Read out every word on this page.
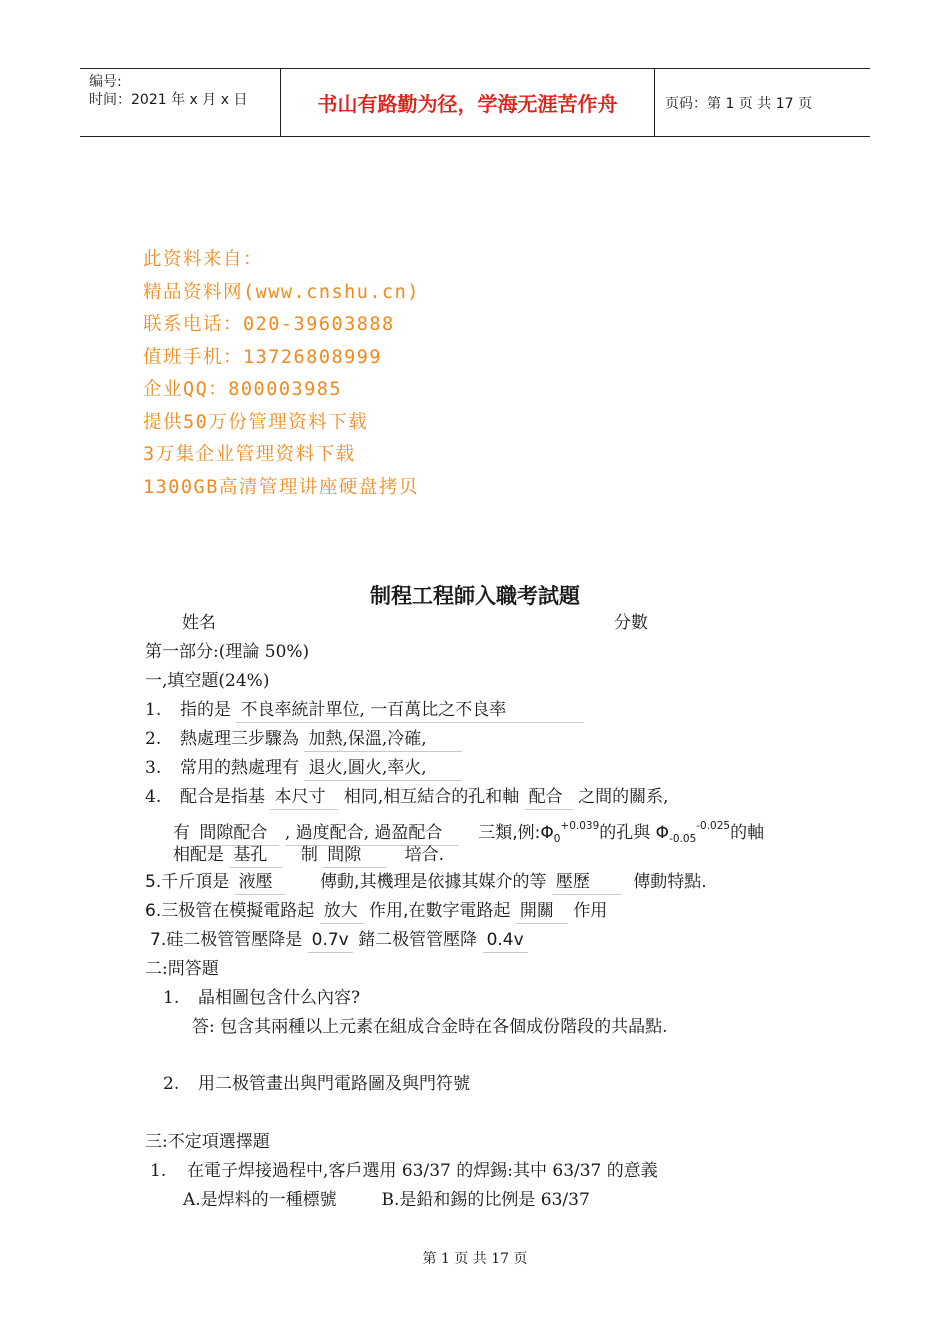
编号:
时间：2021 年 x 月 x 日	书山有路勤为径，学海无涯苦作舟	页码：第 1 页 共 17 页
此资料来自：
精品资料网(www.cnshu.cn)
联系电话：020-39603888
值班手机：13726808999
企业QQ：800003985
提供50万份管理资料下载
3万集企业管理资料下载
1300GB高清管理讲座硬盘拷贝
制程工程師入職考試題
姓名	分數
第一部分:(理論 50%)
一,填空題(24%)
1. 指的是 不良率統計單位, 一百萬比之不良率
2. 熱處理三步驟為 加熱,保溫,冷確,
3. 常用的熱處理有 退火,圓火,率火,
4. 配合是指基 本尺寸 相同,相互結合的孔和軸 配合 之間的關系,
有 間隙配合 , 過度配合, 過盈配合 三類,例$:\Phi_0^{+0.039}$的孔與 $\Phi_{-0.05}^{-0.025}$的軸
相配是 基孔 制 間隙	培合.
5.千斤頂是 液壓	傳動,其機理是依據其媒介的等 壓歷	傳動特點.
6.三极管在模擬電路起 放大 作用,在數字電路起 開關 作用
7.硅二极管管壓降是 0.7v 鍺二极管管壓降 0.4v
二:問答題
1. 晶相圖包含什么內容?
答: 包含其兩種以上元素在組成合金時在各個成份階段的共晶點.
2. 用二极管畫出與門電路圖及與門符號
三:不定項選擇題
1. 在電子焊接過程中,客戶選用 63/37 的焊錫:其中 63/37 的意義
A.是焊料的一種標號	B.是鉛和錫的比例是 63/37
第 1 页 共 17 页
